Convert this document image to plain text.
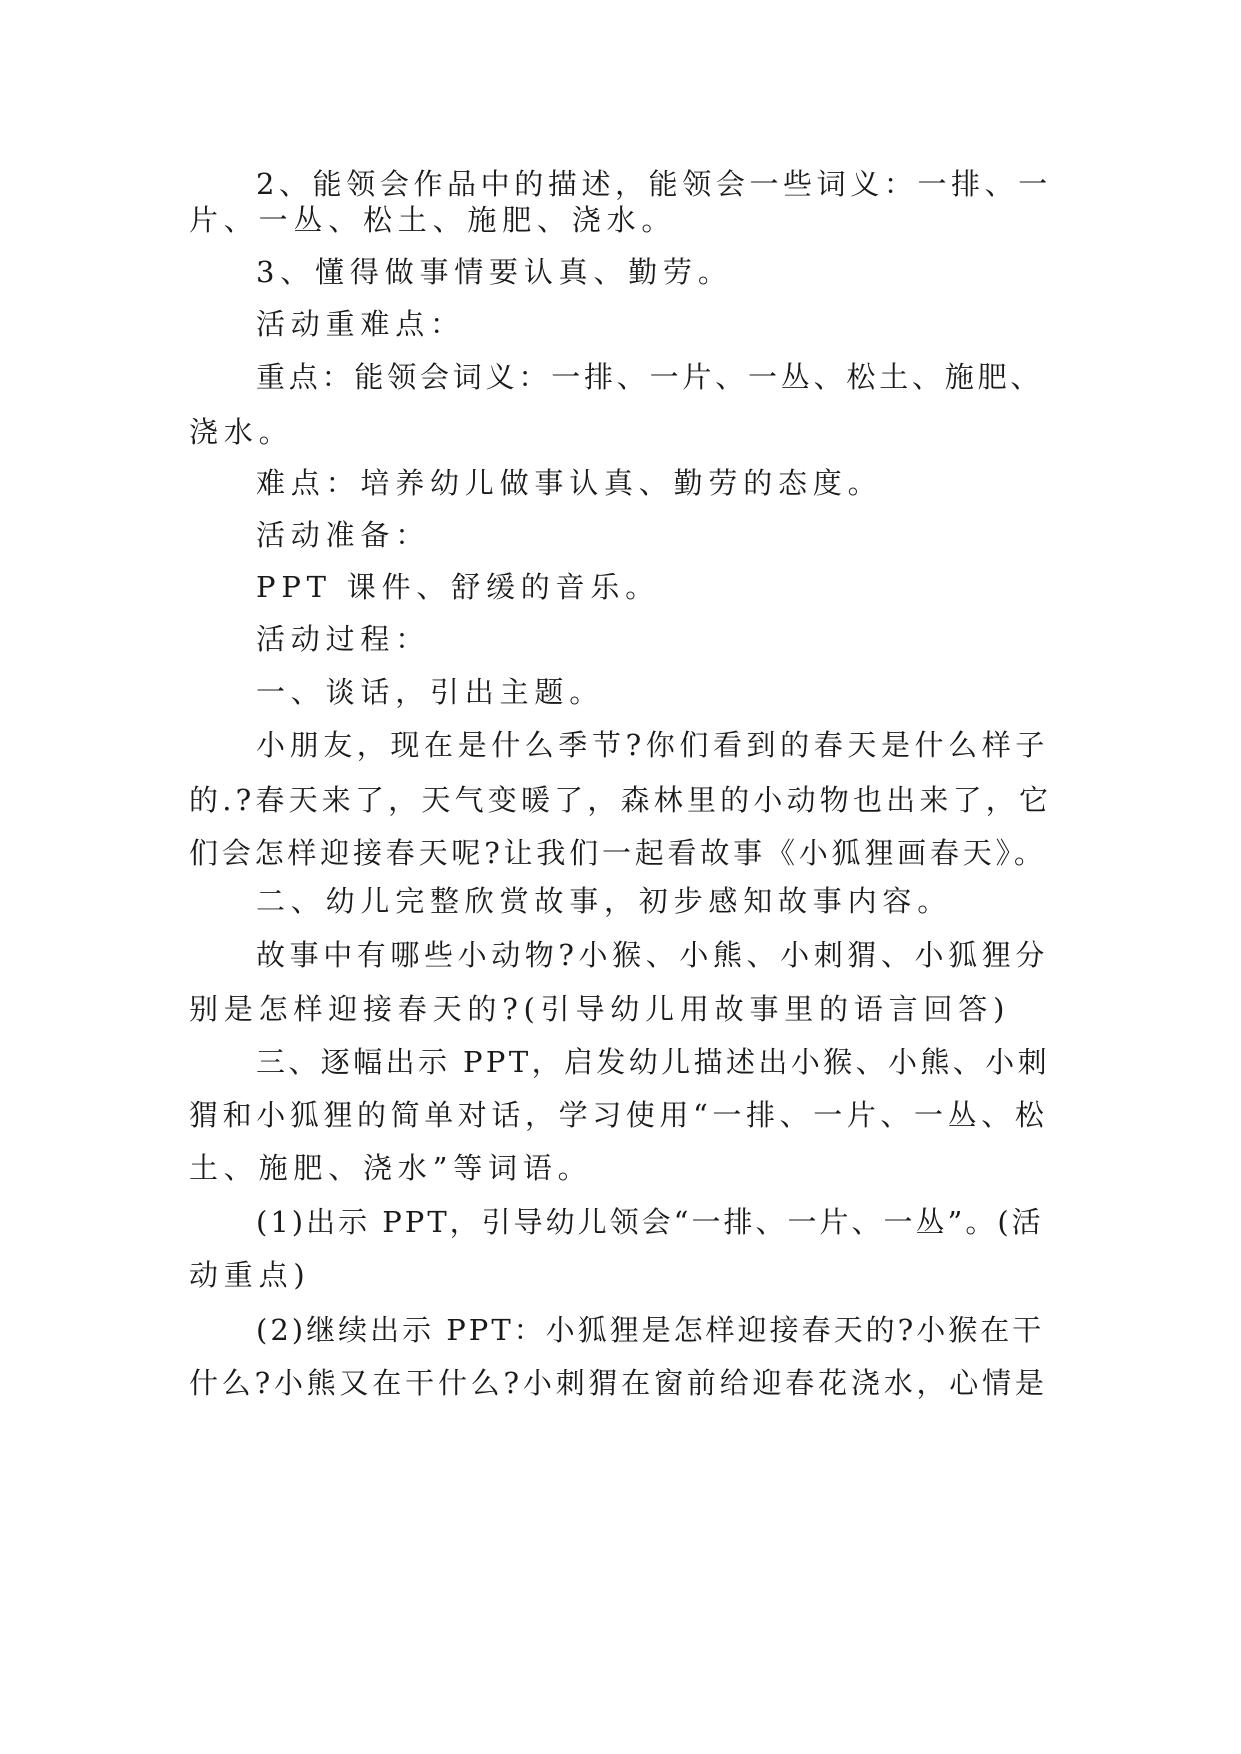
2、能领会作品中的描述，能领会一些词义：一排、一
片、一丛、松土、施肥、浇水。
3、懂得做事情要认真、勤劳。
活动重难点：
重点：能领会词义：一排、一片、一丛、松土、施肥、
浇水。
难点：培养幼儿做事认真、勤劳的态度。
活动准备：
PPT 课件、舒缓的音乐。
活动过程：
一、谈话，引出主题。
小朋友，现在是什么季节?你们看到的春天是什么样子
的.?春天来了，天气变暖了，森林里的小动物也出来了，它
们会怎样迎接春天呢?让我们一起看故事《小狐狸画春天》。
二、幼儿完整欣赏故事，初步感知故事内容。
故事中有哪些小动物?小猴、小熊、小刺猬、小狐狸分
别是怎样迎接春天的?(引导幼儿用故事里的语言回答)
三、逐幅出示 PPT，启发幼儿描述出小猴、小熊、小刺
猬和小狐狸的简单对话，学习使用“一排、一片、一丛、松
土、施肥、浇水”等词语。
(1)出示 PPT，引导幼儿领会“一排、一片、一丛”。(活
动重点)
(2)继续出示 PPT：小狐狸是怎样迎接春天的?小猴在干
什么?小熊又在干什么?小刺猬在窗前给迎春花浇水，心情是
